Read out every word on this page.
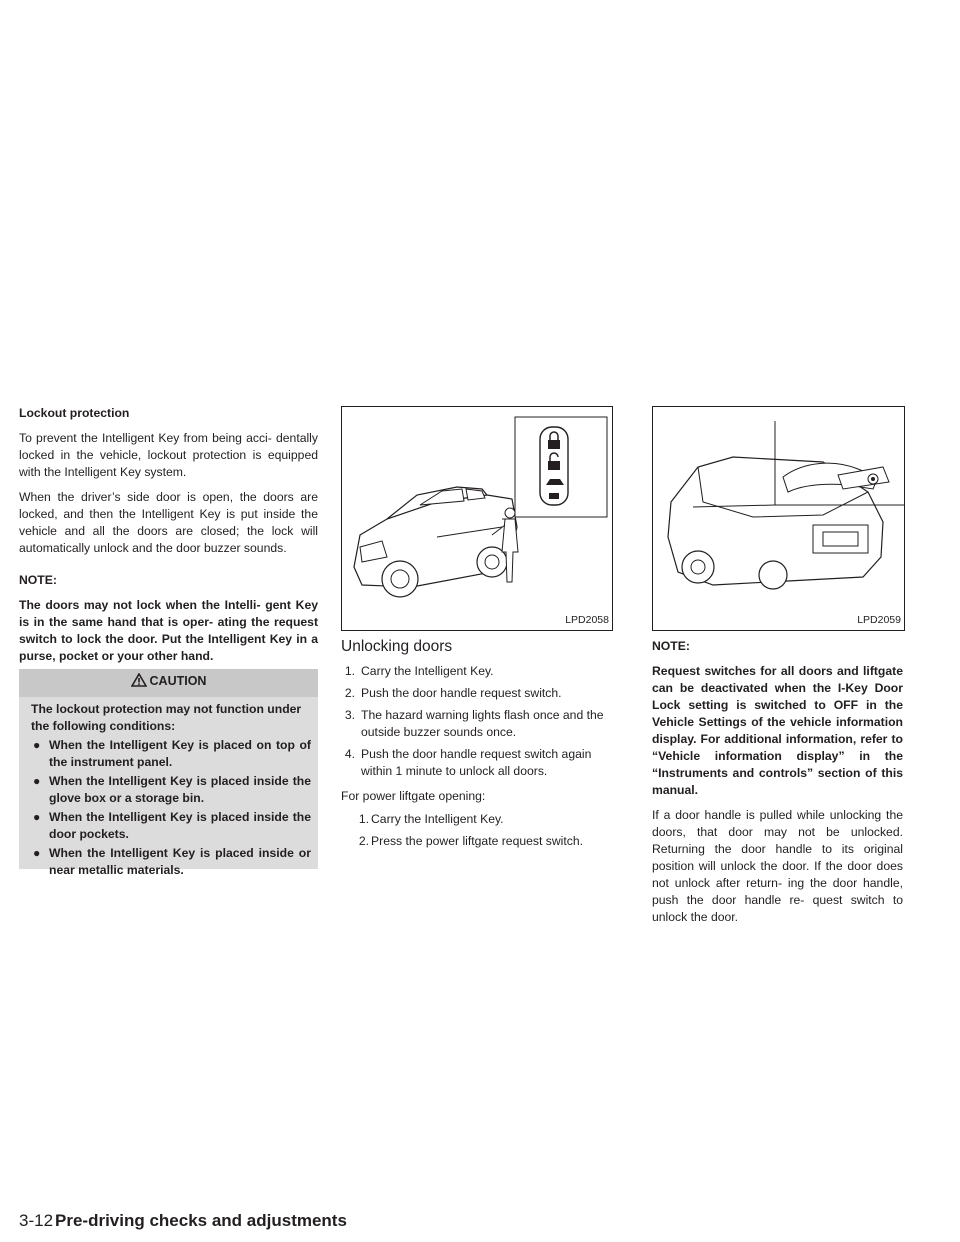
Lockout protection

To prevent the Intelligent Key from being acci- dentally locked in the vehicle, lockout protection is equipped with the Intelligent Key system.

When the driver’s side door is open, the doors are locked, and then the Intelligent Key is put inside the vehicle and all the doors are closed; the lock will automatically unlock and the door buzzer sounds.

NOTE:

The doors may not lock when the Intelli- gent Key is in the same hand that is oper- ating the request switch to lock the door. Put the Intelligent Key in a purse, pocket or your other hand.

CAUTION
The lockout protection may not function under the following conditions:
● When the Intelligent Key is placed on top of the instrument panel.
● When the Intelligent Key is placed inside the glove box or a storage bin.
● When the Intelligent Key is placed inside the door pockets.
● When the Intelligent Key is placed inside or near metallic materials.
LPD2058	LPD2059
Unlocking doors
1. Carry the Intelligent Key.
2. Push the door handle request switch.
3. The hazard warning lights flash once and the outside buzzer sounds once.
4. Push the door handle request switch again within 1 minute to unlock all doors.
For power liftgate opening:
1. Carry the Intelligent Key.
2. Press the power liftgate request switch.
NOTE:

Request switches for all doors and liftgate can be deactivated when the I-Key Door Lock setting is switched to OFF in the Vehicle Settings of the vehicle information display. For additional information, refer to “Vehicle information display” in the “Instruments and controls” section of this manual.

If a door handle is pulled while unlocking the doors, that door may not be unlocked. Returning the door handle to its original position will unlock the door. If the door does not unlock after return- ing the door handle, push the door handle re- quest switch to unlock the door.

3-12 Pre-driving checks and adjustments
